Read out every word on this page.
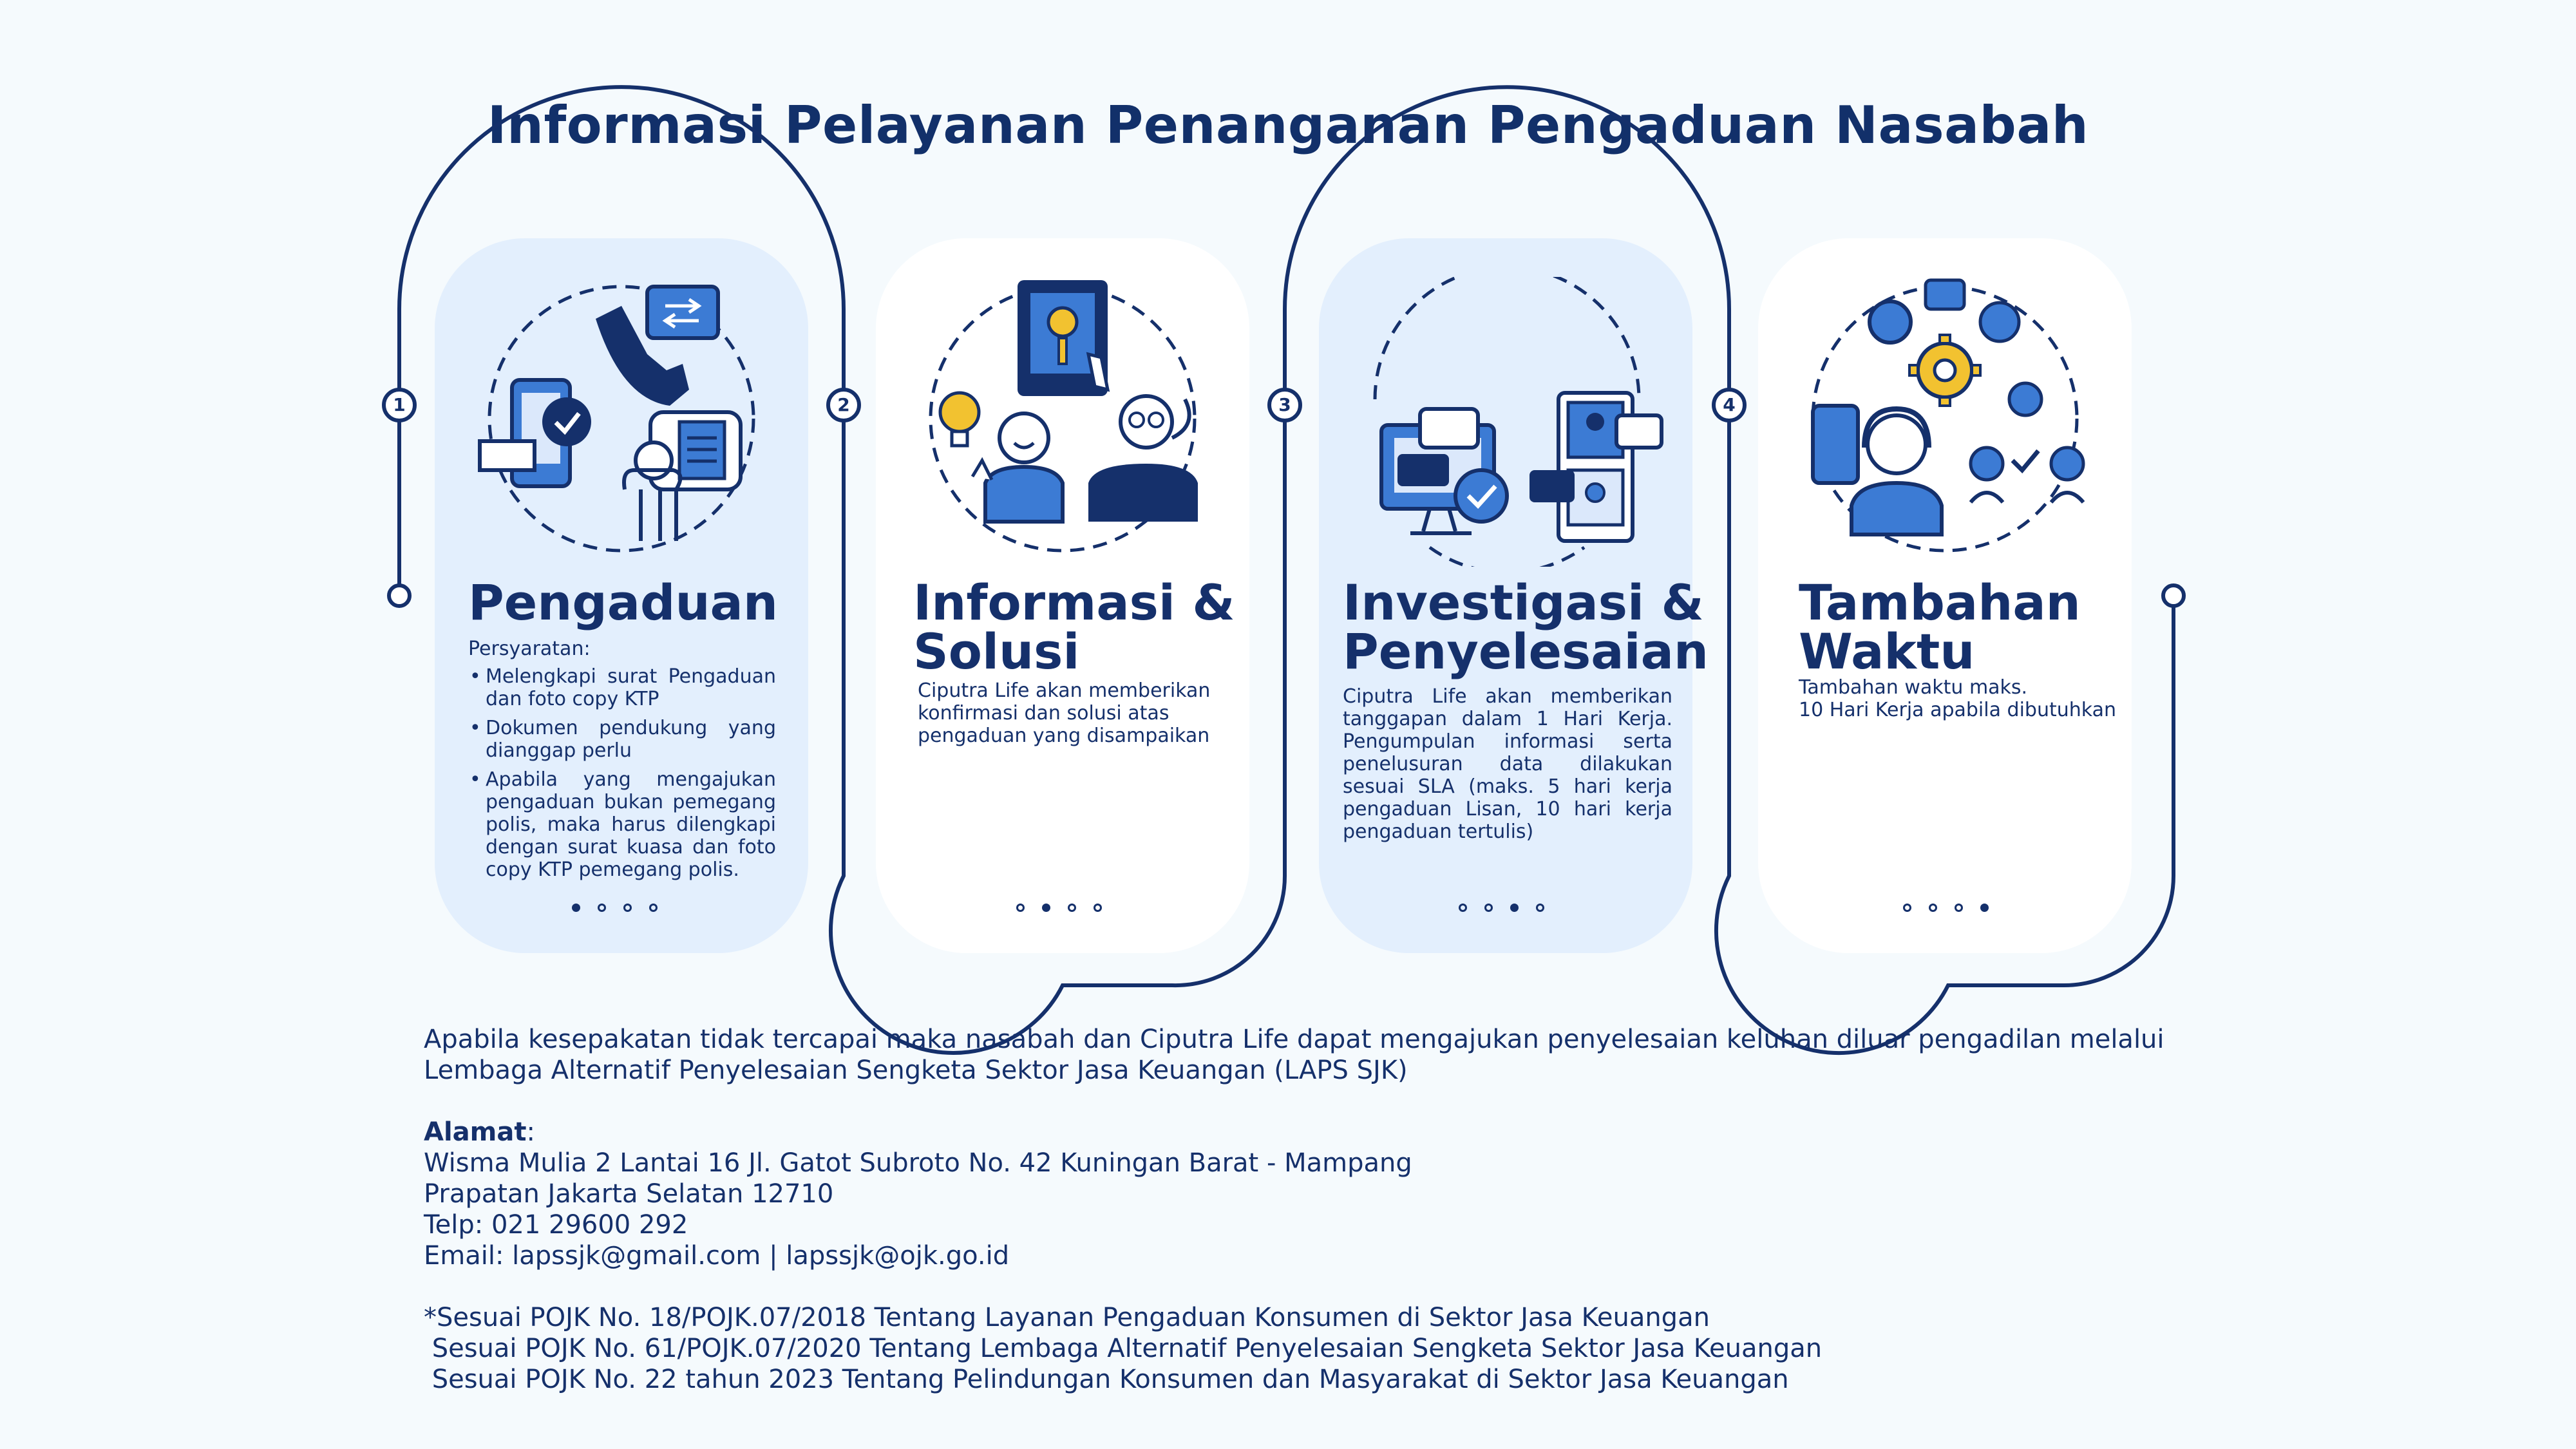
Informasi Pelayanan Penanganan Pengaduan Nasabah
1	2	3	4
Pengaduan
Persyaratan:
• Melengkapi surat Pengaduan dan foto copy KTP
• Dokumen pendukung yang dianggap perlu
• Apabila yang mengajukan pengaduan bukan pemegang polis, maka harus dilengkapi dengan surat kuasa dan foto copy KTP pemegang polis.
Informasi &
Solusi
Ciputra Life akan memberikan konfirmasi dan solusi atas pengaduan yang disampaikan
Investigasi &
Penyelesaian
Ciputra Life akan memberikan tanggapan dalam 1 Hari Kerja. Pengumpulan informasi serta penelusuran data dilakukan sesuai SLA (maks. 5 hari kerja pengaduan Lisan, 10 hari kerja pengaduan tertulis)
Tambahan
Waktu
Tambahan waktu maks.
10 Hari Kerja apabila dibutuhkan
Apabila kesepakatan tidak tercapai maka nasabah dan Ciputra Life dapat mengajukan penyelesaian keluhan diluar pengadilan melalui
Lembaga Alternatif Penyelesaian Sengketa Sektor Jasa Keuangan (LAPS SJK)
Alamat:
Wisma Mulia 2 Lantai 16 Jl. Gatot Subroto No. 42 Kuningan Barat - Mampang
Prapatan Jakarta Selatan 12710
Telp: 021 29600 292
Email: lapssjk@gmail.com | lapssjk@ojk.go.id
*Sesuai POJK No. 18/POJK.07/2018 Tentang Layanan Pengaduan Konsumen di Sektor Jasa Keuangan
Sesuai POJK No. 61/POJK.07/2020 Tentang Lembaga Alternatif Penyelesaian Sengketa Sektor Jasa Keuangan
Sesuai POJK No. 22 tahun 2023 Tentang Pelindungan Konsumen dan Masyarakat di Sektor Jasa Keuangan
